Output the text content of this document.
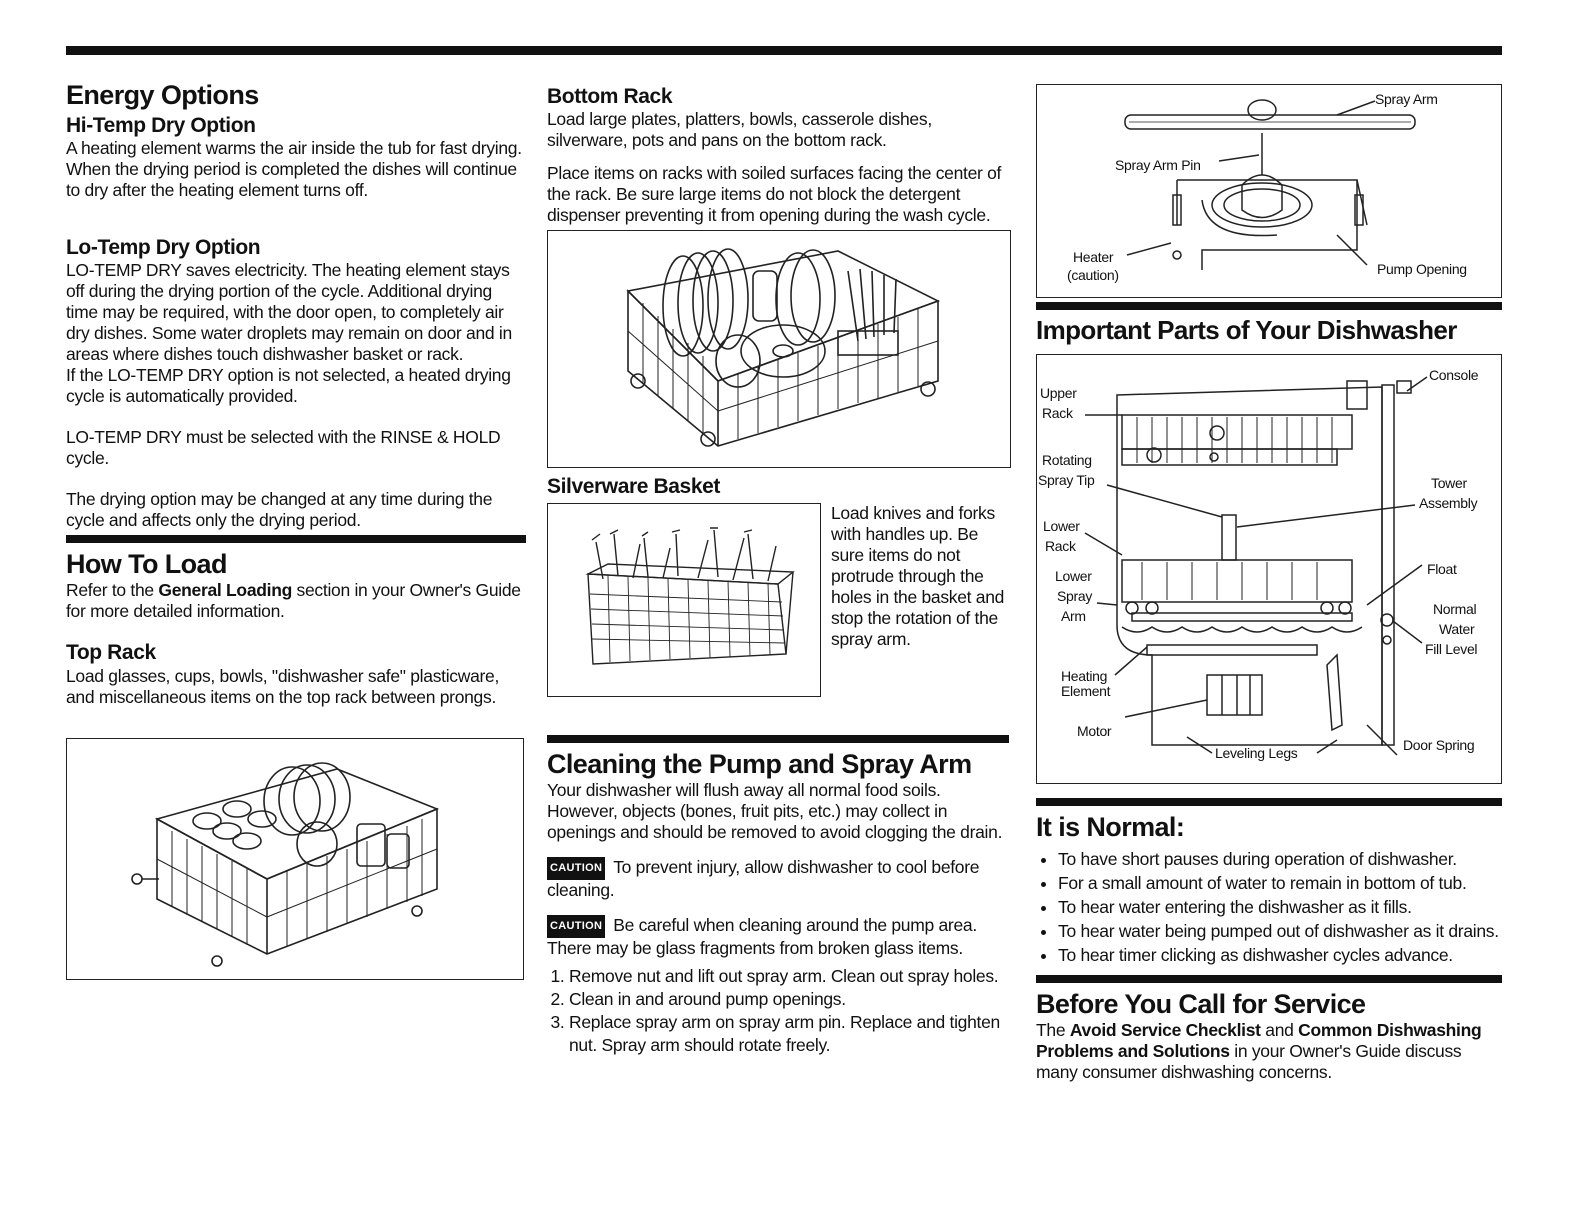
Energy Options
Hi-Temp Dry Option

A heating element warms the air inside the tub for fast drying. When the drying period is completed the dishes will continue to dry after the heating element turns off.

Lo-Temp Dry Option

LO-TEMP DRY saves electricity. The heating element stays off during the drying portion of the cycle. Additional drying time may be required, with the door open, to completely air dry dishes. Some water droplets may remain on door and in areas where dishes touch dishwasher basket or rack.

If the LO-TEMP DRY option is not selected, a heated drying cycle is automatically provided.

LO-TEMP DRY must be selected with the RINSE & HOLD cycle.

The drying option may be changed at any time during the cycle and affects only the drying period.

How To Load

Refer to the General Loading section in your Owner's Guide for more detailed information.

Top Rack

Load glasses, cups, bowls, "dishwasher safe" plasticware, and miscellaneous items on the top rack between prongs.

Bottom Rack

Load large plates, platters, bowls, casserole dishes, silverware, pots and pans on the bottom rack.

Place items on racks with soiled surfaces facing the center of the rack. Be sure large items do not block the detergent dispenser preventing it from opening during the wash cycle.

Silverware Basket

Load knives and forks with handles up. Be sure items do not protrude through the holes in the basket and stop the rotation of the spray arm.

Cleaning the Pump and Spray Arm

Your dishwasher will flush away all normal food soils. However, objects (bones, fruit pits, etc.) may collect in openings and should be removed to avoid clogging the drain.

CAUTION To prevent injury, allow dishwasher to cool before cleaning.

CAUTION Be careful when cleaning around the pump area. There may be glass fragments from broken glass items.

1. Remove nut and lift out spray arm. Clean out spray holes.
2. Clean in and around pump openings.
3. Replace spray arm on spray arm pin. Replace and tighten nut. Spray arm should rotate freely.
Spray Arm
Spray Arm Pin
Heater
(caution)	Pump Opening
Important Parts of Your Dishwasher
Upper
Rack
Rotating
Spray Tip
Lower
Rack
Lower
Spray
Arm
Heating
Element
Motor
Leveling Legs
Console
Tower
Assembly
Float
Normal
Water
Fill Level
Door Spring
It is Normal:
• To have short pauses during operation of dishwasher.
• For a small amount of water to remain in bottom of tub.
• To hear water entering the dishwasher as it fills.
• To hear water being pumped out of dishwasher as it drains.
• To hear timer clicking as dishwasher cycles advance.
Before You Call for Service

The Avoid Service Checklist and Common Dishwashing Problems and Solutions in your Owner's Guide discuss many consumer dishwashing concerns.
